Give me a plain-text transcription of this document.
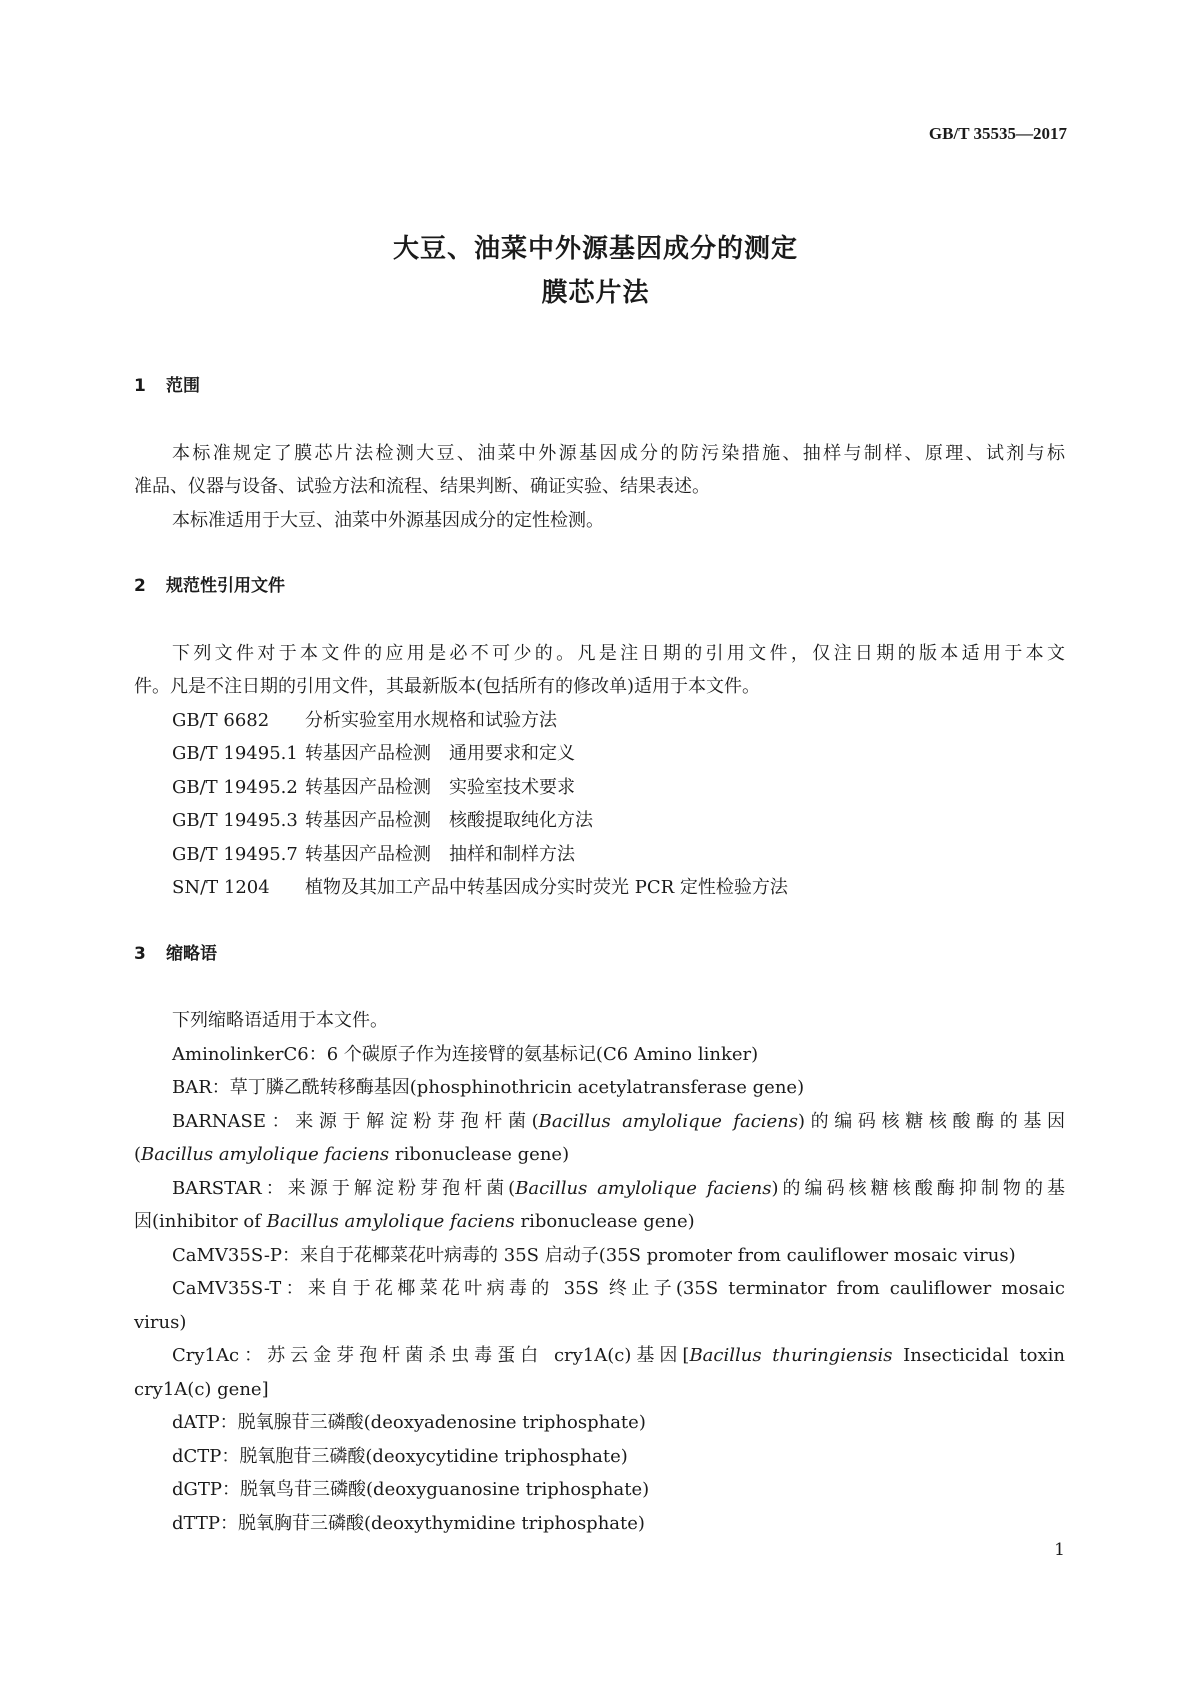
GB/T 35535—2017
大豆、油菜中外源基因成分的测定
膜芯片法
1 范围
本标准规定了膜芯片法检测大豆、油菜中外源基因成分的防污染措施、抽样与制样、原理、试剂与标
准品、仪器与设备、试验方法和流程、结果判断、确证实验、结果表述。
本标准适用于大豆、油菜中外源基因成分的定性检测。
2 规范性引用文件
下列文件对于本文件的应用是必不可少的。凡是注日期的引用文件，仅注日期的版本适用于本文
件。凡是不注日期的引用文件，其最新版本(包括所有的修改单)适用于本文件。
GB/T 6682 分析实验室用水规格和试验方法
GB/T 19495.1 转基因产品检测　通用要求和定义
GB/T 19495.2 转基因产品检测　实验室技术要求
GB/T 19495.3 转基因产品检测　核酸提取纯化方法
GB/T 19495.7 转基因产品检测　抽样和制样方法
SN/T 1204 植物及其加工产品中转基因成分实时荧光 PCR 定性检验方法
3 缩略语
下列缩略语适用于本文件。
AminolinkerC6：6 个碳原子作为连接臂的氨基标记(C6 Amino linker)
BAR：草丁膦乙酰转移酶基因(phosphinothricin acetylatransferase gene)
BARNASE：来源于解淀粉芽孢杆菌(Bacillus amylolique faciens)的编码核糖核酸酶的基因
(Bacillus amylolique faciens ribonuclease gene)
BARSTAR：来源于解淀粉芽孢杆菌(Bacillus amylolique faciens)的编码核糖核酸酶抑制物的基
因(inhibitor of Bacillus amylolique faciens ribonuclease gene)
CaMV35S-P：来自于花椰菜花叶病毒的 35S 启动子(35S promoter from cauliflower mosaic virus)
CaMV35S-T：来自于花椰菜花叶病毒的 35S 终止子(35S terminator from cauliflower mosaic
virus)
Cry1Ac：苏云金芽孢杆菌杀虫毒蛋白 cry1A(c)基因[Bacillus thuringiensis Insecticidal toxin
cry1A(c) gene]
dATP：脱氧腺苷三磷酸(deoxyadenosine triphosphate)
dCTP：脱氧胞苷三磷酸(deoxycytidine triphosphate)
dGTP：脱氧鸟苷三磷酸(deoxyguanosine triphosphate)
dTTP：脱氧胸苷三磷酸(deoxythymidine triphosphate)
1
